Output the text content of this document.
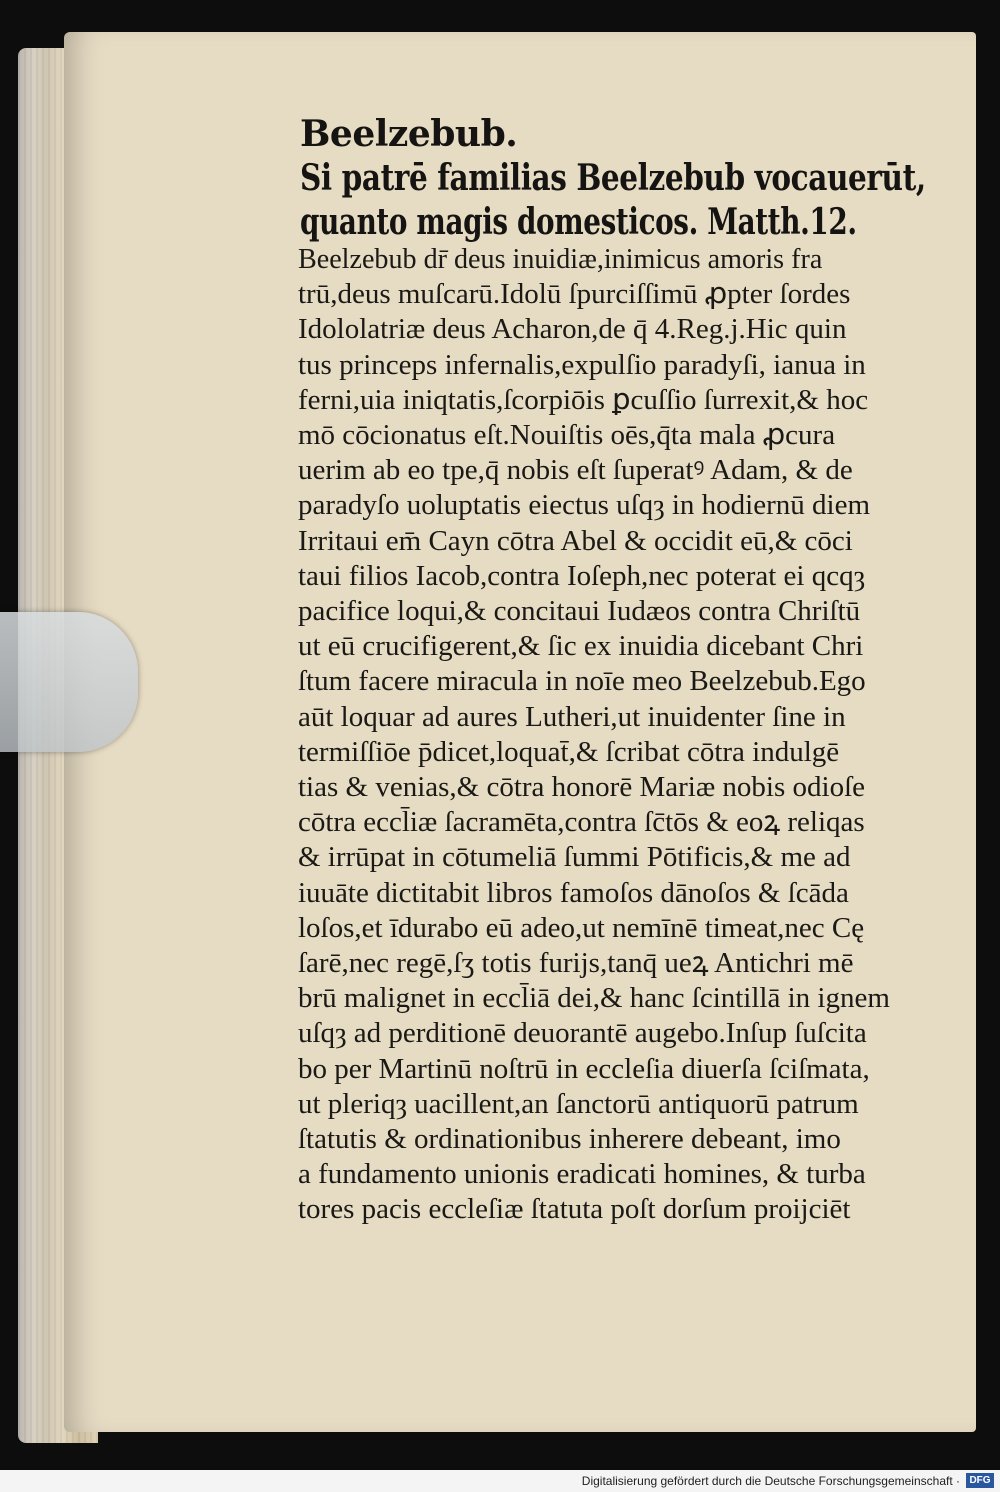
Beelzebub.
Si patrē familias Beelzebub vocauerūt,
quanto magis domesticos. Matth.12.
Beelzebub dr̄ deus inuidiæ,inimicus amoris fra
trū,deus muſcarū.Idolū ſpurciſſimū ꝓpter ſordes
Idololatriæ deus Acharon,de q̄ 4.Reg.j.Hic quin
tus princeps infernalis,expulſio paradyſi, ianua in
ferni,uia iniqtatis,ſcorpiōis ꝑcuſſio ſurrexit,& hoc
mō cōcionatus eſt.Nouiſtis oēs,q̄ta mala ꝓcura
uerim ab eo tpe,q̄ nobis eſt ſuperatꝰ Adam, & de
paradyſo uoluptatis eiectus uſqȝ in hodiernū diem
Irritaui em̄ Cayn cōtra Abel & occidit eū,& cōci
taui filios Iacob,contra Ioſeph,nec poterat ei qcqȝ
pacifice loqui,& concitaui Iudæos contra Chriſtū
ut eū crucifigerent,& ſic ex inuidia dicebant Chri
ſtum facere miracula in noīe meo Beelzebub.Ego
aūt loquar ad aures Lutheri,ut inuidenter ſine in
termiſſiōe p̄dicet,loquat̄,& ſcribat cōtra indulgē
tias & venias,& cōtra honorē Mariæ nobis odioſe
cōtra eccl̄iæ ſacramēta,contra ſc̄tōs & eoꝝ reliqas
& irrūpat in cōtumeliā ſummi Pōtificis,& me ad
iuuāte dictitabit libros famoſos dānoſos & ſcāda
loſos,et īdurabo eū adeo,ut nemīnē timeat,nec Cę
ſarē,nec regē,ſʒ totis furijs,tanq̄ ueꝝ Antichri mē
brū malignet in eccl̄iā dei,& hanc ſcintillā in ignem
uſqȝ ad perditionē deuorantē augebo.Inſup ſuſcita
bo per Martinū noſtrū in eccleſia diuerſa ſciſmata,
ut pleriqȝ uacillent,an ſanctorū antiquorū patrum
ſtatutis & ordinationibus inherere debeant, imo
a fundamento unionis eradicati homines, & turba
tores pacis eccleſiæ ſtatuta poſt dorſum proijciēt
Digitalisierung gefördert durch die Deutsche Forschungsgemeinschaft · DFG
